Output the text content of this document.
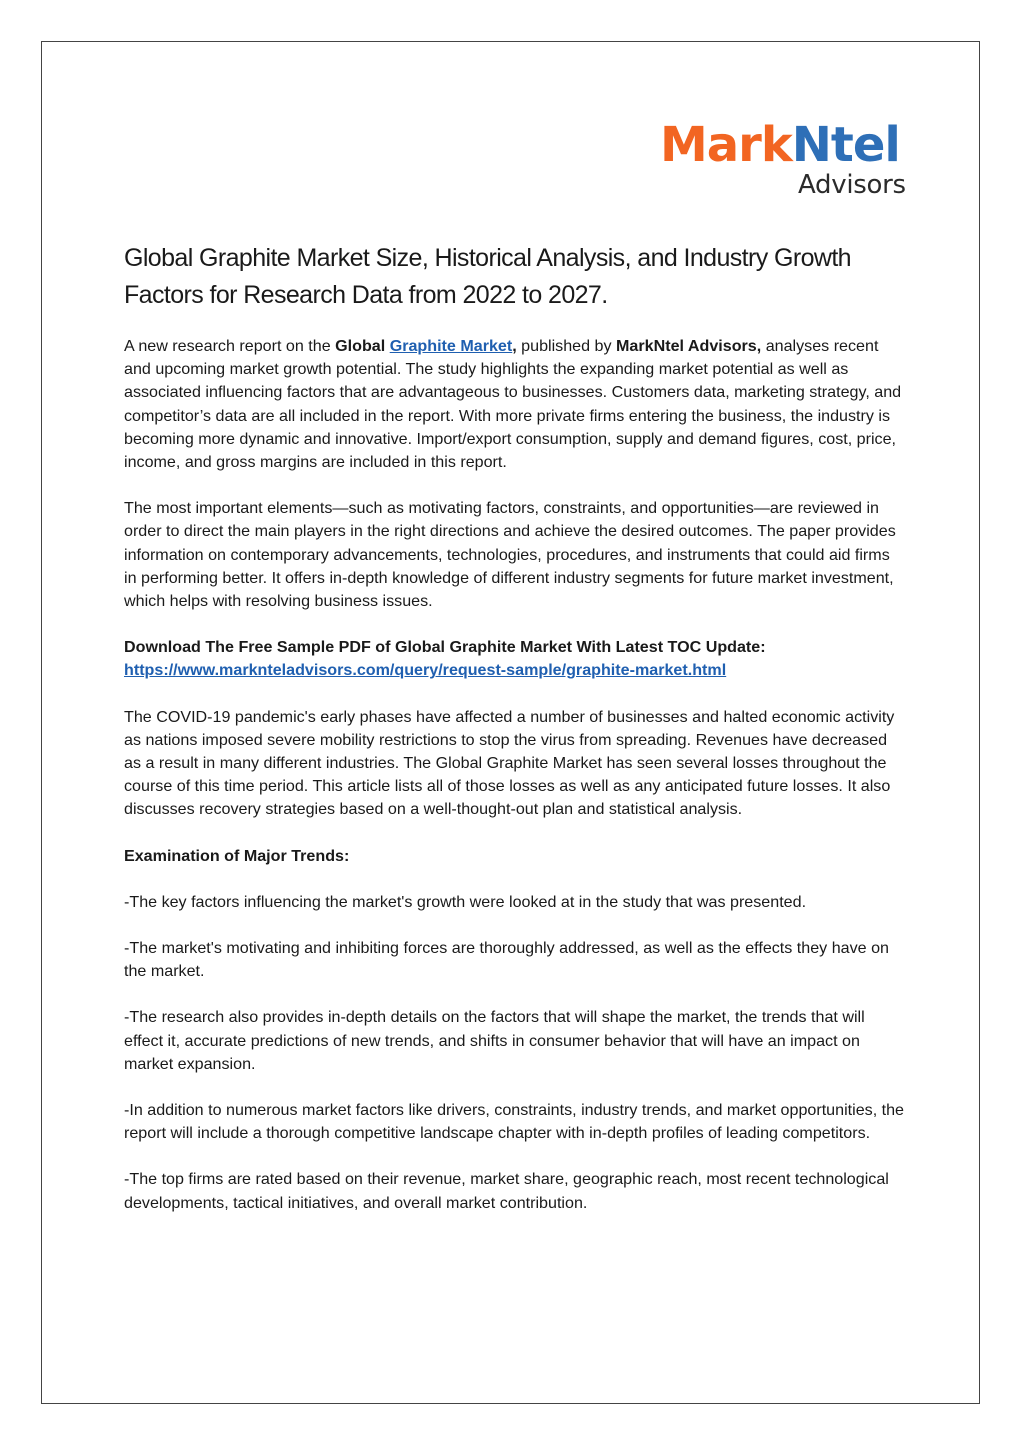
MarkNtel
Advisors
Global Graphite Market Size, Historical Analysis, and Industry Growth Factors for Research Data from 2022 to 2027.

A new research report on the Global Graphite Market, published by MarkNtel Advisors, analyses recent and upcoming market growth potential. The study highlights the expanding market potential as well as associated influencing factors that are advantageous to businesses. Customers data, marketing strategy, and competitor’s data are all included in the report. With more private firms entering the business, the industry is becoming more dynamic and innovative. Import/export consumption, supply and demand figures, cost, price, income, and gross margins are included in this report.

The most important elements—such as motivating factors, constraints, and opportunities—are reviewed in order to direct the main players in the right directions and achieve the desired outcomes. The paper provides information on contemporary advancements, technologies, procedures, and instruments that could aid firms in performing better. It offers in-depth knowledge of different industry segments for future market investment, which helps with resolving business issues.

Download The Free Sample PDF of Global Graphite Market With Latest TOC Update:
https://www.marknteladvisors.com/query/request-sample/graphite-market.html

The COVID-19 pandemic's early phases have affected a number of businesses and halted economic activity as nations imposed severe mobility restrictions to stop the virus from spreading. Revenues have decreased as a result in many different industries. The Global Graphite Market has seen several losses throughout the course of this time period. This article lists all of those losses as well as any anticipated future losses. It also discusses recovery strategies based on a well-thought-out plan and statistical analysis.

Examination of Major Trends:

-The key factors influencing the market's growth were looked at in the study that was presented.

-The market's motivating and inhibiting forces are thoroughly addressed, as well as the effects they have on the market.

-The research also provides in-depth details on the factors that will shape the market, the trends that will effect it, accurate predictions of new trends, and shifts in consumer behavior that will have an impact on market expansion.

-In addition to numerous market factors like drivers, constraints, industry trends, and market opportunities, the report will include a thorough competitive landscape chapter with in-depth profiles of leading competitors.

-The top firms are rated based on their revenue, market share, geographic reach, most recent technological developments, tactical initiatives, and overall market contribution.
